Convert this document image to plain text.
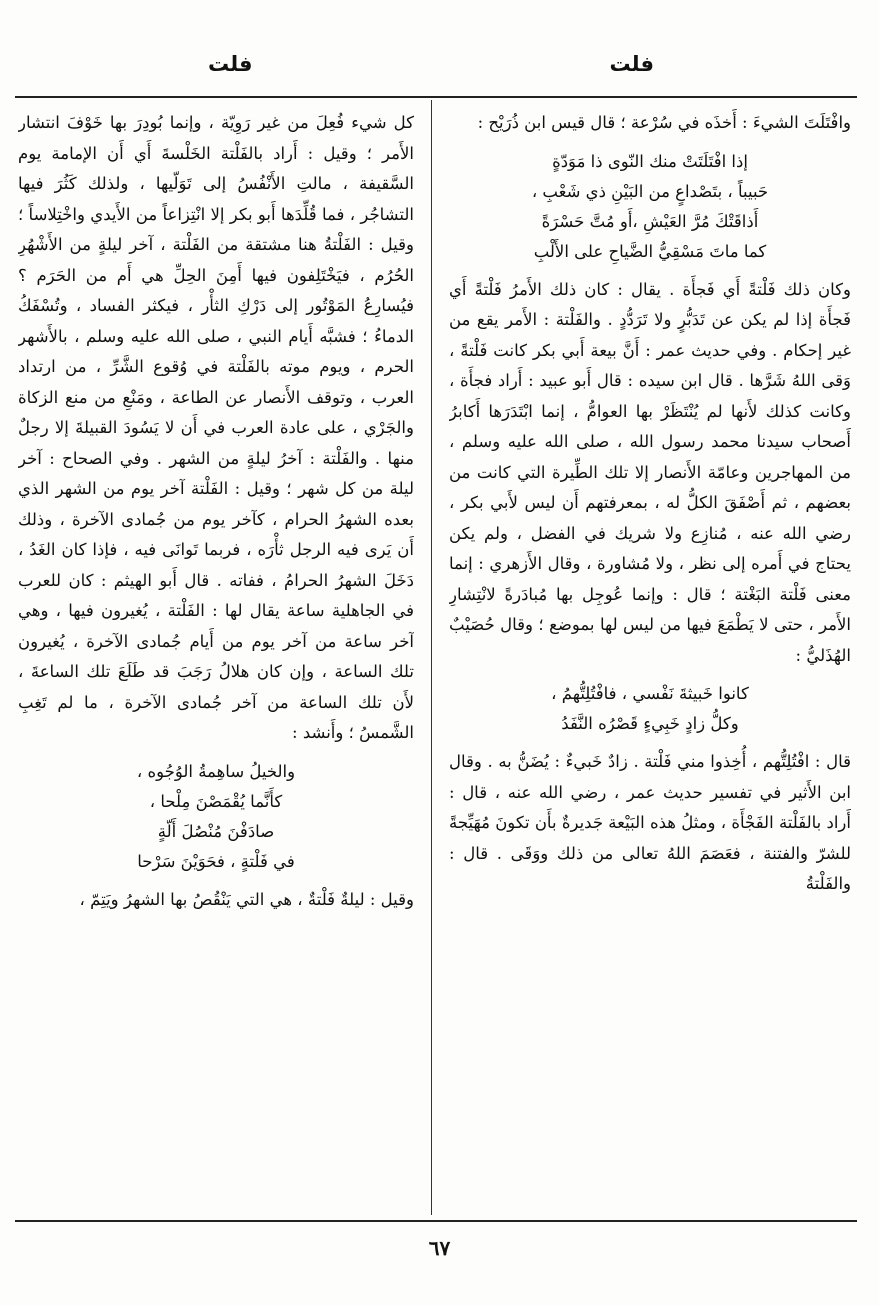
فلت
فلت

وافْتَلَتَ الشيءَ : أَخذَه في سُرْعة ؛ قال قيس ابن ذُرَيْح :

إذا افْتَلَتَتْ منك النّوى ذا مَوَدّةٍ
حَبيباً ، بتَصْداعٍ من البَيْنِ ذي شَعْبِ ،
أَذاقَتْكَ مُرَّ العَيْشِ ،أَو مُتَّ حَسْرَةً
كما ماتَ مَسْقِيُّ الضَّياحِ على الأَلْبِ

وكان ذلك فَلْتةً أَي فَجأَة . يقال : كان ذلك الأَمرُ فَلْتةً أَي فَجأَة إذا لم يكن عن تَدَبُّرٍ ولا تَرَدُّدٍ . والفَلْتة : الأَمر يقع من غير إحكام . وفي حديث عمر : أَنَّ بيعة أَبي بكر كانت فَلْتةً ، وَقى اللهُ شَرَّها . قال ابن سيده : قال أَبو عبيد : أَراد فجأَة ، وكانت كذلك لأَنها لم يُنْتَظَرْ بها العوامُّ ، إنما ابْتَدَرَها أَكابرُ أَصحاب سيدنا محمد رسول الله ، صلى الله عليه وسلم ، من المهاجرين وعامّة الأَنصار إلا تلك الطِّيرة التي كانت من بعضهم ، ثم أَصْفَقَ الكلُّ له ، بمعرفتهم أَن ليس لأَبي بكر ، رضي الله عنه ، مُنازِع ولا شريك في الفضل ، ولم يكن يحتاج في أَمره إلى نظر ، ولا مُشاورة ، وقال الأَزهري : إنما معنى فَلْتة البَغْتة ؛ قال : وإنما عُوجِل بها مُبادَرةً لانْتِشارِ الأَمر ، حتى لا يَطْمَعَ فيها من ليس لها بموضع ؛ وقال حُصَيْبٌ الهُذَليُّ :

كانوا خَبيثةَ نَفْسي ، فافْتُلِتُّهمُ ،
وكلُّ زادٍ خَبِيءٍ قَصْرُه النَّفَدُ

قال : افْتُلِتُّهم ، أُخِذوا مني فَلْتة . زادٌ خَبيءٌ : يُضَنُّ به . وقال ابن الأَثير في تفسير حديث عمر ، رضي الله عنه ، قال : أَراد بالفَلْتة الفَجْأَة ، ومثلُ هذه البَيْعة جَديرةٌ بأَن تكونَ مُهَيِّجةً للشرّ والفتنة ، فعَصَمَ اللهُ تعالى من ذلك ووَقَى . قال : والفَلْتةُ

كل شيء فُعِلَ من غير رَوِيّة ، وإنما بُودِرَ بها خَوْفَ انتشار الأَمر ؛ وقيل : أَراد بالفَلْتة الخَلْسةَ أَي أَن الإمامة يوم السَّقيفة ، مالتِ الأَنْفُسُ إلى تَوَلّيها ، ولذلك كَثُرَ فيها التشاجُر ، فما قُلِّدَها أَبو بكر إلا انْتِزاعاً من الأَيدي واخْتِلاساً ؛ وقيل : الفَلْتةُ هنا مشتقة من الفَلْتة ، آخر ليلةٍ من الأَشْهُرِ الحُرُم ، فيَخْتَلِفون فيها أَمِنَ الحِلِّ هي أَم من الحَرَم ؟ فيُسارِعُ المَوْتُور إلى دَرْكِ الثأْر ، فيكثر الفساد ، وتُسْفَكُ الدماءُ ؛ فشبَّه أَيام النبي ، صلى الله عليه وسلم ، بالأَشهر الحرم ، ويوم موته بالفَلْتة في وُقوع الشَّرِّ ، من ارتداد العرب ، وتوقف الأَنصار عن الطاعة ، ومَنْعِ من منع الزكاة والجَرْي ، على عادة العرب في أَن لا يَسُودَ القبيلةَ إلا رجلٌ منها . والفَلْتة : آخرُ ليلةٍ من الشهر . وفي الصحاح : آخر ليلة من كل شهر ؛ وقيل : الفَلْتة آخر يوم من الشهر الذي بعده الشهرُ الحرام ، كآخر يوم من جُمادى الآخرة ، وذلك أَن يَرى فيه الرجل ثأْرَه ، فربما تَوانَى فيه ، فإذا كان الغَدُ ، دَخَلَ الشهرُ الحرامُ ، ففاته . قال أَبو الهيثم : كان للعرب في الجاهلية ساعة يقال لها : الفَلْتة ، يُغيرون فيها ، وهي آخر ساعة من آخر يوم من أَيام جُمادى الآخرة ، يُغيرون تلك الساعة ، وإن كان هلالُ رَجَبَ قد طَلَعَ تلك الساعةَ ، لأَن تلك الساعة من آخر جُمادى الآخرة ، ما لم تَغِبِ الشَّمسُ ؛ وأَنشد :

والخيلُ ساهِمةُ الوُجُوه ،
كأَنَّما يُقْمَصْنَ مِلْحا ،
صادَفْنَ مُنْصُلَ أَلّةٍ
في فَلْتةٍ ، فحَوَيْنَ سَرْحا

وقيل : ليلةٌ فَلْتةٌ ، هي التي يَنْقُصُ بها الشهرُ ويَتِمّ ،

٦٧
